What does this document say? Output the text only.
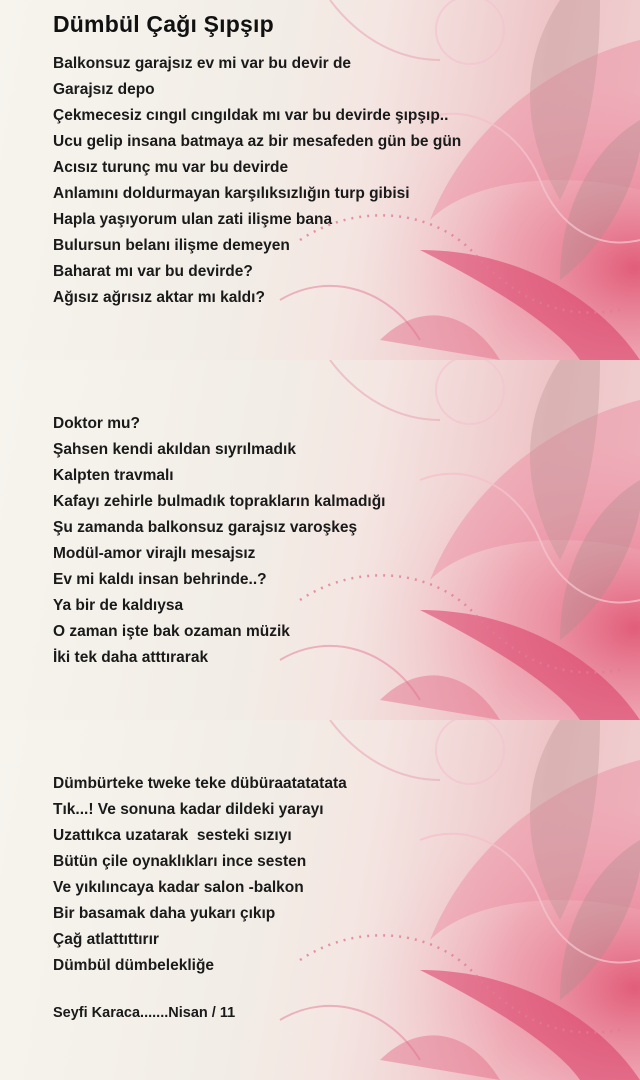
Dümbül Çağı Şıpşıp
Balkonsuz garajsız ev mi var bu devir de
Garajsız depo
Çekmecesiz cıngıl cıngıldak mı var bu devirde şıpşıp..
Ucu gelip insana batmaya az bir mesafeden gün be gün
Acısız turunç mu var bu devirde
Anlamını doldurmayan karşılıksızlığın turp gibisi
Hapla yaşıyorum ulan zati ilişme bana
Bulursun belanı ilişme demeyen
Baharat mı var bu devirde?
Ağısız ağrısız aktar mı kaldı?
Doktor mu?
Şahsen kendi akıldan sıyrılmadık
Kalpten travmalı
Kafayı zehirle bulmadık toprakların kalmadığı
Şu zamanda balkonsuz garajsız varoşkeş
Modül-amor virajlı mesajsız
Ev mi kaldı insan behrinde..?
Ya bir de kaldıysa
O zaman işte bak ozaman müzik
İki tek daha atttırarak
Dümbürteke tweke teke dübüraatatatata
Tık...! Ve sonuna kadar dildeki yarayı
Uzattıkca uzatarak  sesteki sızıyı
Bütün çile oynaklıkları ince sesten
Ve yıkılıncaya kadar salon -balkon
Bir basamak daha yukarı çıkıp
Çağ atlattıttırır
Dümbül dümbelekliğe
Seyfi Karaca.......Nisan / 11
